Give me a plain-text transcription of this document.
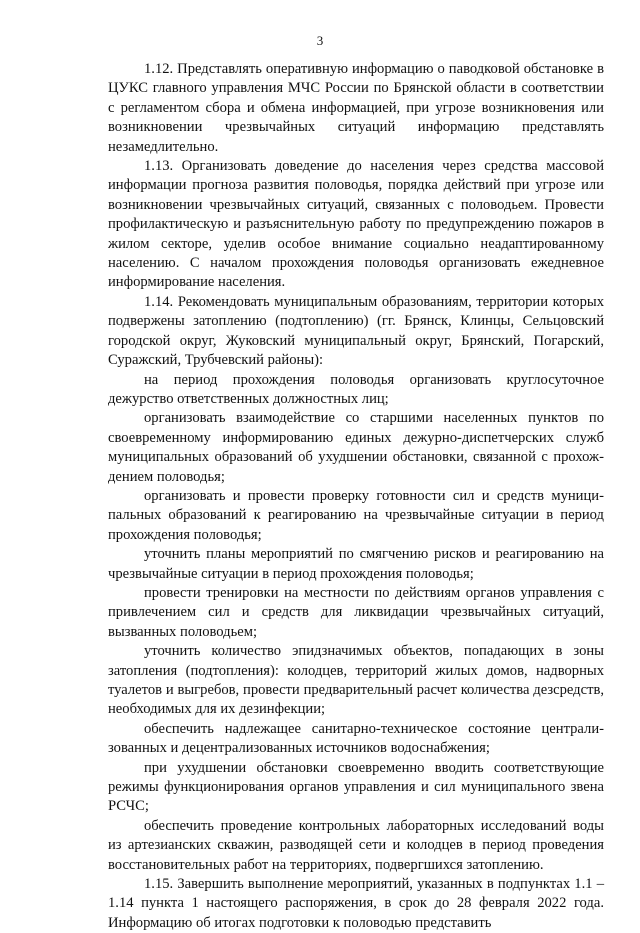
3

1.12. Представлять оперативную информацию о паводковой обстановке в ЦУКС главного управления МЧС России по Брянской области в соответствии с регламентом сбора и обмена информацией, при угрозе возникновения или возникновении чрезвычайных ситуаций информацию представлять незамедлительно.

1.13. Организовать доведение до населения через средства массовой информации прогноза развития половодья, порядка действий при угрозе или возникновении чрезвычайных ситуаций, связанных с половодьем. Провести профилактическую и разъяснительную работу по предупреждению пожаров в жилом секторе, уделив особое внимание социально неадаптированному населению. С началом прохождения половодья организовать ежедневное информирование населения.

1.14. Рекомендовать муниципальным образованиям, территории которых подвержены затоплению (подтоплению) (гг. Брянск, Клинцы, Сельцовский городской округ, Жуковский муниципальный округ, Брянский, Погарский, Суражский, Трубчевский районы):

на период прохождения половодья организовать круглосуточное дежурство ответственных должностных лиц;

организовать взаимодействие со старшими населенных пунктов по своевременному информированию единых дежурно-диспетчерских служб муниципальных образований об ухудшении обстановки, связанной с прохождением половодья;

организовать и провести проверку готовности сил и средств муниципальных образований к реагированию на чрезвычайные ситуации в период прохождения половодья;

уточнить планы мероприятий по смягчению рисков и реагированию на чрезвычайные ситуации в период прохождения половодья;

провести тренировки на местности по действиям органов управления с привлечением сил и средств для ликвидации чрезвычайных ситуаций, вызванных половодьем;

уточнить количество эпидзначимых объектов, попадающих в зоны затопления (подтопления): колодцев, территорий жилых домов, надворных туалетов и выгребов, провести предварительный расчет количества дезсредств, необходимых для их дезинфекции;

обеспечить надлежащее санитарно-техническое состояние централизованных и децентрализованных источников водоснабжения;

при ухудшении обстановки своевременно вводить соответствующие режимы функционирования органов управления и сил муниципального звена РСЧС;

обеспечить проведение контрольных лабораторных исследований воды из артезианских скважин, разводящей сети и колодцев в период проведения восстановительных работ на территориях, подвергшихся затоплению.

1.15. Завершить выполнение мероприятий, указанных в подпунктах 1.1 – 1.14 пункта 1 настоящего распоряжения, в срок до 28 февраля 2022 года. Информацию об итогах подготовки к половодью представить
